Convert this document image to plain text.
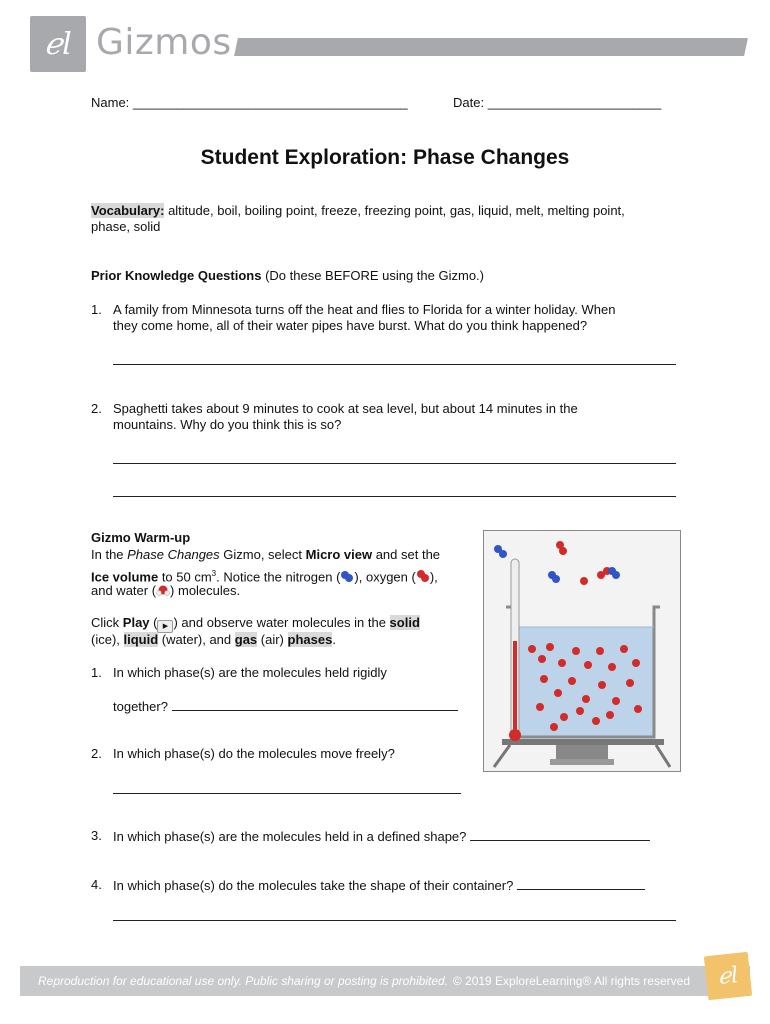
ℯl Gizmos
Name: ______________________________________	Date: ________________________
Student Exploration: Phase Changes
Vocabulary: altitude, boil, boiling point, freeze, freezing point, gas, liquid, melt, melting point,
phase, solid
Prior Knowledge Questions (Do these BEFORE using the Gizmo.)
1. A family from Minnesota turns off the heat and flies to Florida for a winter holiday. When
they come home, all of their water pipes have burst. What do you think happened?
2. Spaghetti takes about 9 minutes to cook at sea level, but about 14 minutes in the
mountains. Why do you think this is so?
Gizmo Warm-up
In the Phase Changes Gizmo, select Micro view and set the
Ice volume to 50 $cm^3$. Notice the nitrogen ( ), oxygen ( ),
and water ( ) molecules.
Click Play ( ▶ ) and observe water molecules in the solid
(ice), liquid (water), and gas (air) phases.
1. In which phase(s) are the molecules held rigidly
together?
2. In which phase(s) do the molecules move freely?
3. In which phase(s) are the molecules held in a defined shape?
4. In which phase(s) do the molecules take the shape of their container?
Reproduction for educational use only. Public sharing or posting is prohibited. © 2019 ExploreLearning® All rights reserved	ℯl
